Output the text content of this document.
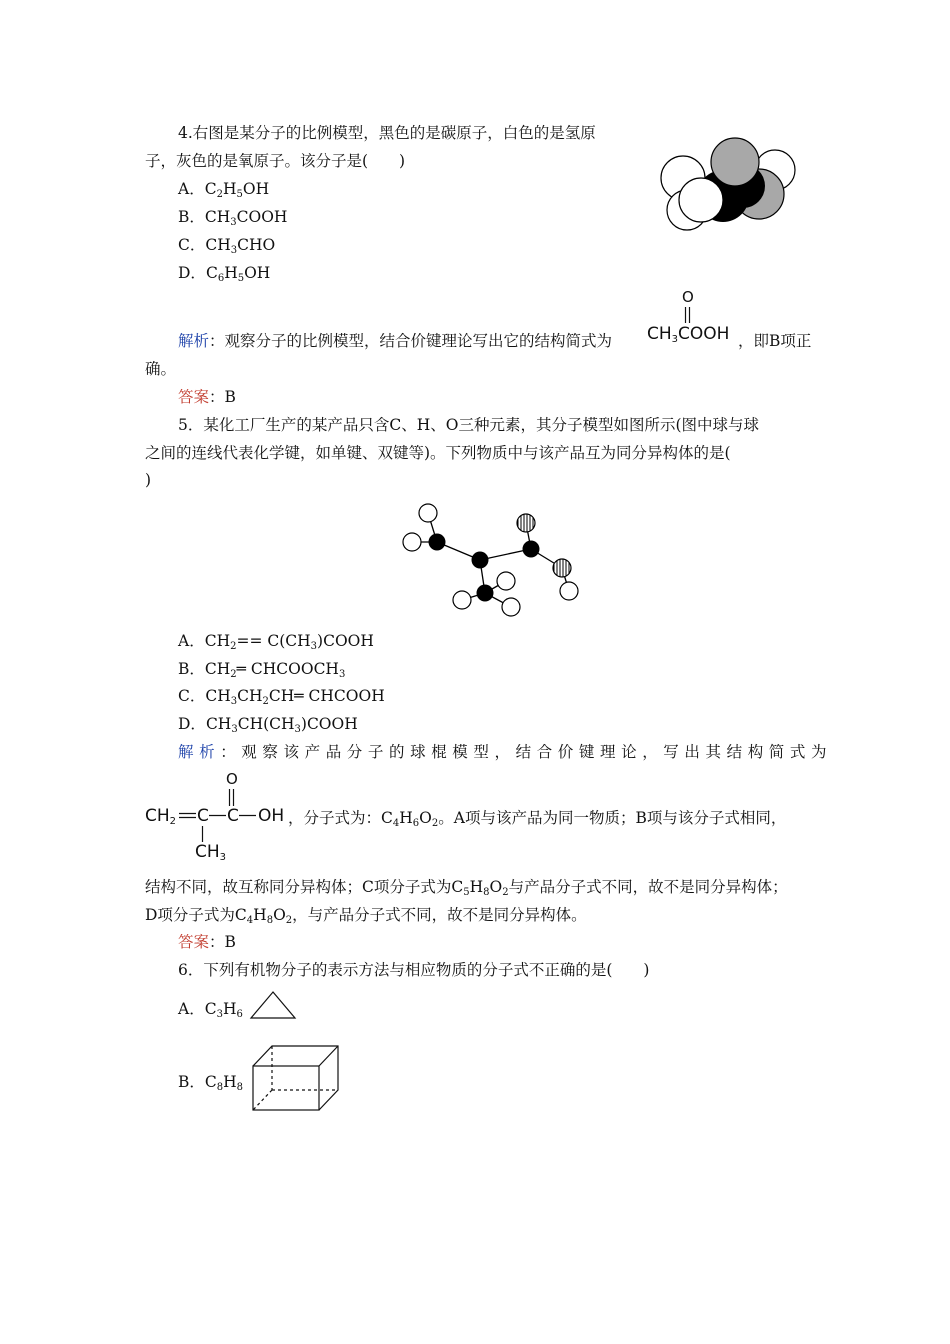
4.右图是某分子的比例模型，黑色的是碳原子，白色的是氢原
子，灰色的是氧原子。该分子是(　　)
A．$C_2H_5OH$
B．$CH_3COOH$
C．$CH_3CHO$
D．$C_6H_5OH$
解析：观察分子的比例模型，结合价键理论写出它的结构简式为
O
$CH_3COOH$ ，即B项正
确。
答案：B
5．某化工厂生产的某产品只含C、H、O三种元素，其分子模型如图所示(图中球与球
之间的连线代表化学键，如单键、双键等)。下列物质中与该产品互为同分异构体的是(
)
A．$CH_2==$ $C(CH_3)COOH$
B．$CH_2═$ $CHCOOCH_3$
C．$CH_3CH_2CH═$ CHCOOH
D．$CH_3CH(CH_3)COOH$
解析：观察该产品分子的球棍模型，结合价键理论，写出其结构简式为
$CH_2$ C C
O
OH
$CH_3$
，分子式为：$C_4H_6O_2$。A项与该产品为同一物质；B项与该分子式相同，
结构不同，故互称同分异构体；C项分子式为$C_5H_8O_2$与产品分子式不同，故不是同分异构体；
D项分子式为$C_4H_8O_2$，与产品分子式不同，故不是同分异构体。
答案：B
6．下列有机物分子的表示方法与相应物质的分子式不正确的是(　　)
A．$C_3H_6$
B．$C_8H_8$
